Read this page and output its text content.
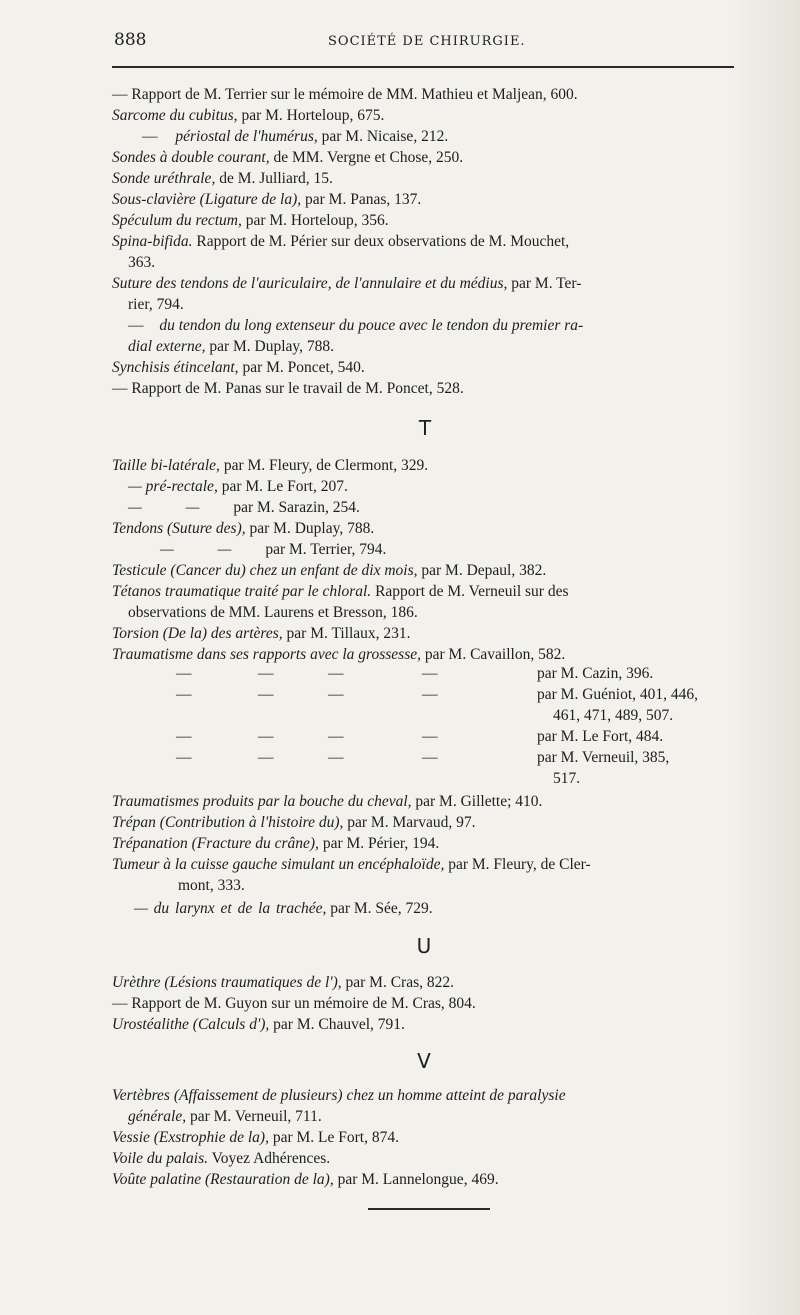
888	SOCIÉTÉ DE CHIRURGIE.
— Rapport de M. Terrier sur le mémoire de MM. Mathieu et Maljean, 600.
Sarcome du cubitus, par M. Horteloup, 675.
— périostal de l'humérus, par M. Nicaise, 212.
Sondes à double courant, de MM. Vergne et Chose, 250.
Sonde uréthrale, de M. Julliard, 15.
Sous-clavière (Ligature de la), par M. Panas, 137.
Spéculum du rectum, par M. Horteloup, 356.
Spina-bifida. Rapport de M. Périer sur deux observations de M. Mouchet,
363.
Suture des tendons de l'auriculaire, de l'annulaire et du médius, par M. Ter-
rier, 794.
— du tendon du long extenseur du pouce avec le tendon du premier ra-
dial externe, par M. Duplay, 788.
Synchisis étincelant, par M. Poncet, 540.
— Rapport de M. Panas sur le travail de M. Poncet, 528.
T
Taille bi-latérale, par M. Fleury, de Clermont, 329.
— pré-rectale, par M. Le Fort, 207.
— — par M. Sarazin, 254.
Tendons (Suture des), par M. Duplay, 788.
— — par M. Terrier, 794.
Testicule (Cancer du) chez un enfant de dix mois, par M. Depaul, 382.
Tétanos traumatique traité par le chloral. Rapport de M. Verneuil sur des
observations de MM. Laurens et Bresson, 186.
Torsion (De la) des artères, par M. Tillaux, 231.
Traumatisme dans ses rapports avec la grossesse, par M. Cavaillon, 582.
—	—	—	—	par M. Cazin, 396.
—	—	—	—	par M. Guéniot, 401, 446,
461, 471, 489, 507.
—	—	—	—	par M. Le Fort, 484.
—	—	—	—	par M. Verneuil, 385,
517.
Traumatismes produits par la bouche du cheval, par M. Gillette; 410.
Trépan (Contribution à l'histoire du), par M. Marvaud, 97.
Trépanation (Fracture du crâne), par M. Périer, 194.
Tumeur à la cuisse gauche simulant un encéphaloïde, par M. Fleury, de Cler-
mont, 333.
— du larynx et de la trachée, par M. Sée, 729.
U
Urèthre (Lésions traumatiques de l'), par M. Cras, 822.
— Rapport de M. Guyon sur un mémoire de M. Cras, 804.
Urostéalithe (Calculs d'), par M. Chauvel, 791.
V
Vertèbres (Affaissement de plusieurs) chez un homme atteint de paralysie
générale, par M. Verneuil, 711.
Vessie (Exstrophie de la), par M. Le Fort, 874.
Voile du palais. Voyez Adhérences.
Voûte palatine (Restauration de la), par M. Lannelongue, 469.
